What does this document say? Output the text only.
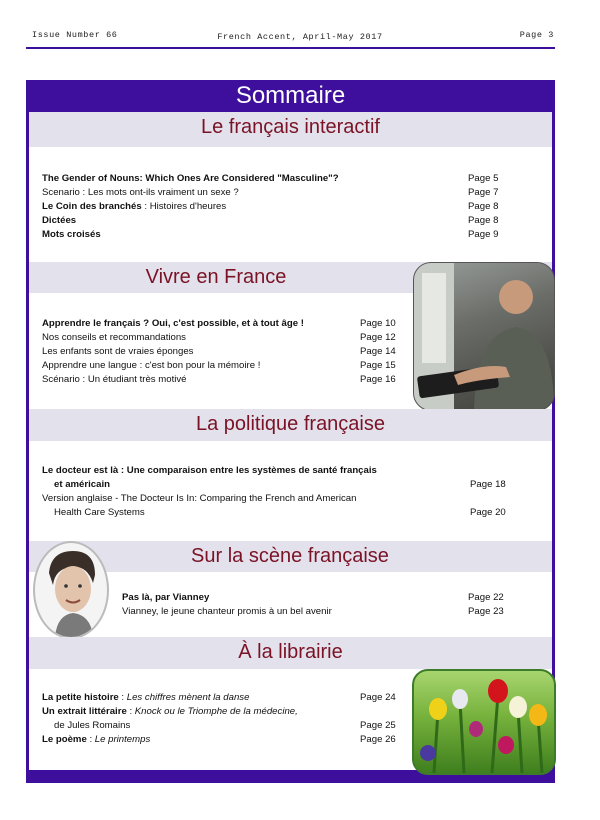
Issue Number 66	French Accent, April-May 2017	Page 3
Sommaire
Le français interactif
The Gender of Nouns: Which Ones Are Considered "Masculine"?	Page 5
Scenario : Les mots ont-ils vraiment un sexe ?	Page 7
Le Coin des branchés : Histoires d'heures	Page 8
Dictées	Page 8
Mots croisés	Page 9
Vivre en France
Apprendre le français ? Oui, c'est possible, et à tout âge !	Page 10
Nos conseils et recommandations	Page 12
Les enfants sont de vraies éponges	Page 14
Apprendre une langue : c'est bon pour la mémoire !	Page 15
Scénario : Un étudiant très motivé	Page 16
La politique française
Le docteur est là : Une comparaison entre les systèmes de santé français
et américain	Page 18
Version anglaise - The Docteur Is In: Comparing the French and American
Health Care Systems	Page 20
Sur la scène française
Pas là, par Vianney	Page 22
Vianney, le jeune chanteur promis à un bel avenir	Page 23
À la librairie
La petite histoire : Les chiffres mènent la danse	Page 24
Un extrait littéraire : Knock ou le Triomphe de la médecine,
de Jules Romains	Page 25
Le poème : Le printemps	Page 26
